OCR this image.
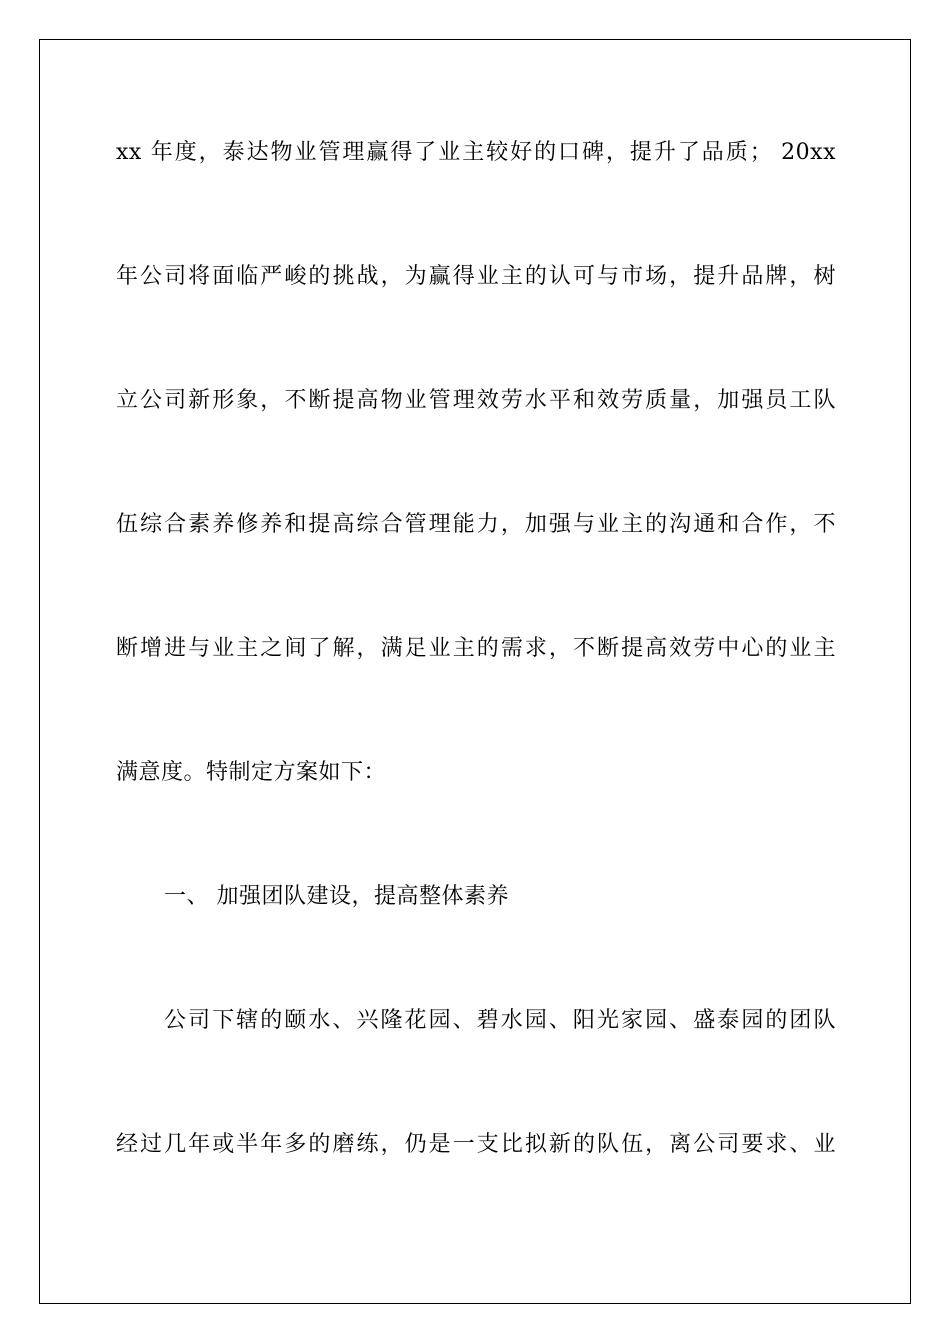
xx 年度，泰达物业管理赢得了业主较好的口碑，提升了品质； 20xx
年公司将面临严峻的挑战，为赢得业主的认可与市场，提升品牌，树
立公司新形象，不断提高物业管理效劳水平和效劳质量，加强员工队
伍综合素养修养和提高综合管理能力，加强与业主的沟通和合作，不
断增进与业主之间了解，满足业主的需求，不断提高效劳中心的业主
满意度。特制定方案如下：
一、 加强团队建设，提高整体素养
公司下辖的颐水、兴隆花园、碧水园、阳光家园、盛泰园的团队
经过几年或半年多的磨练，仍是一支比拟新的队伍，离公司要求、业
